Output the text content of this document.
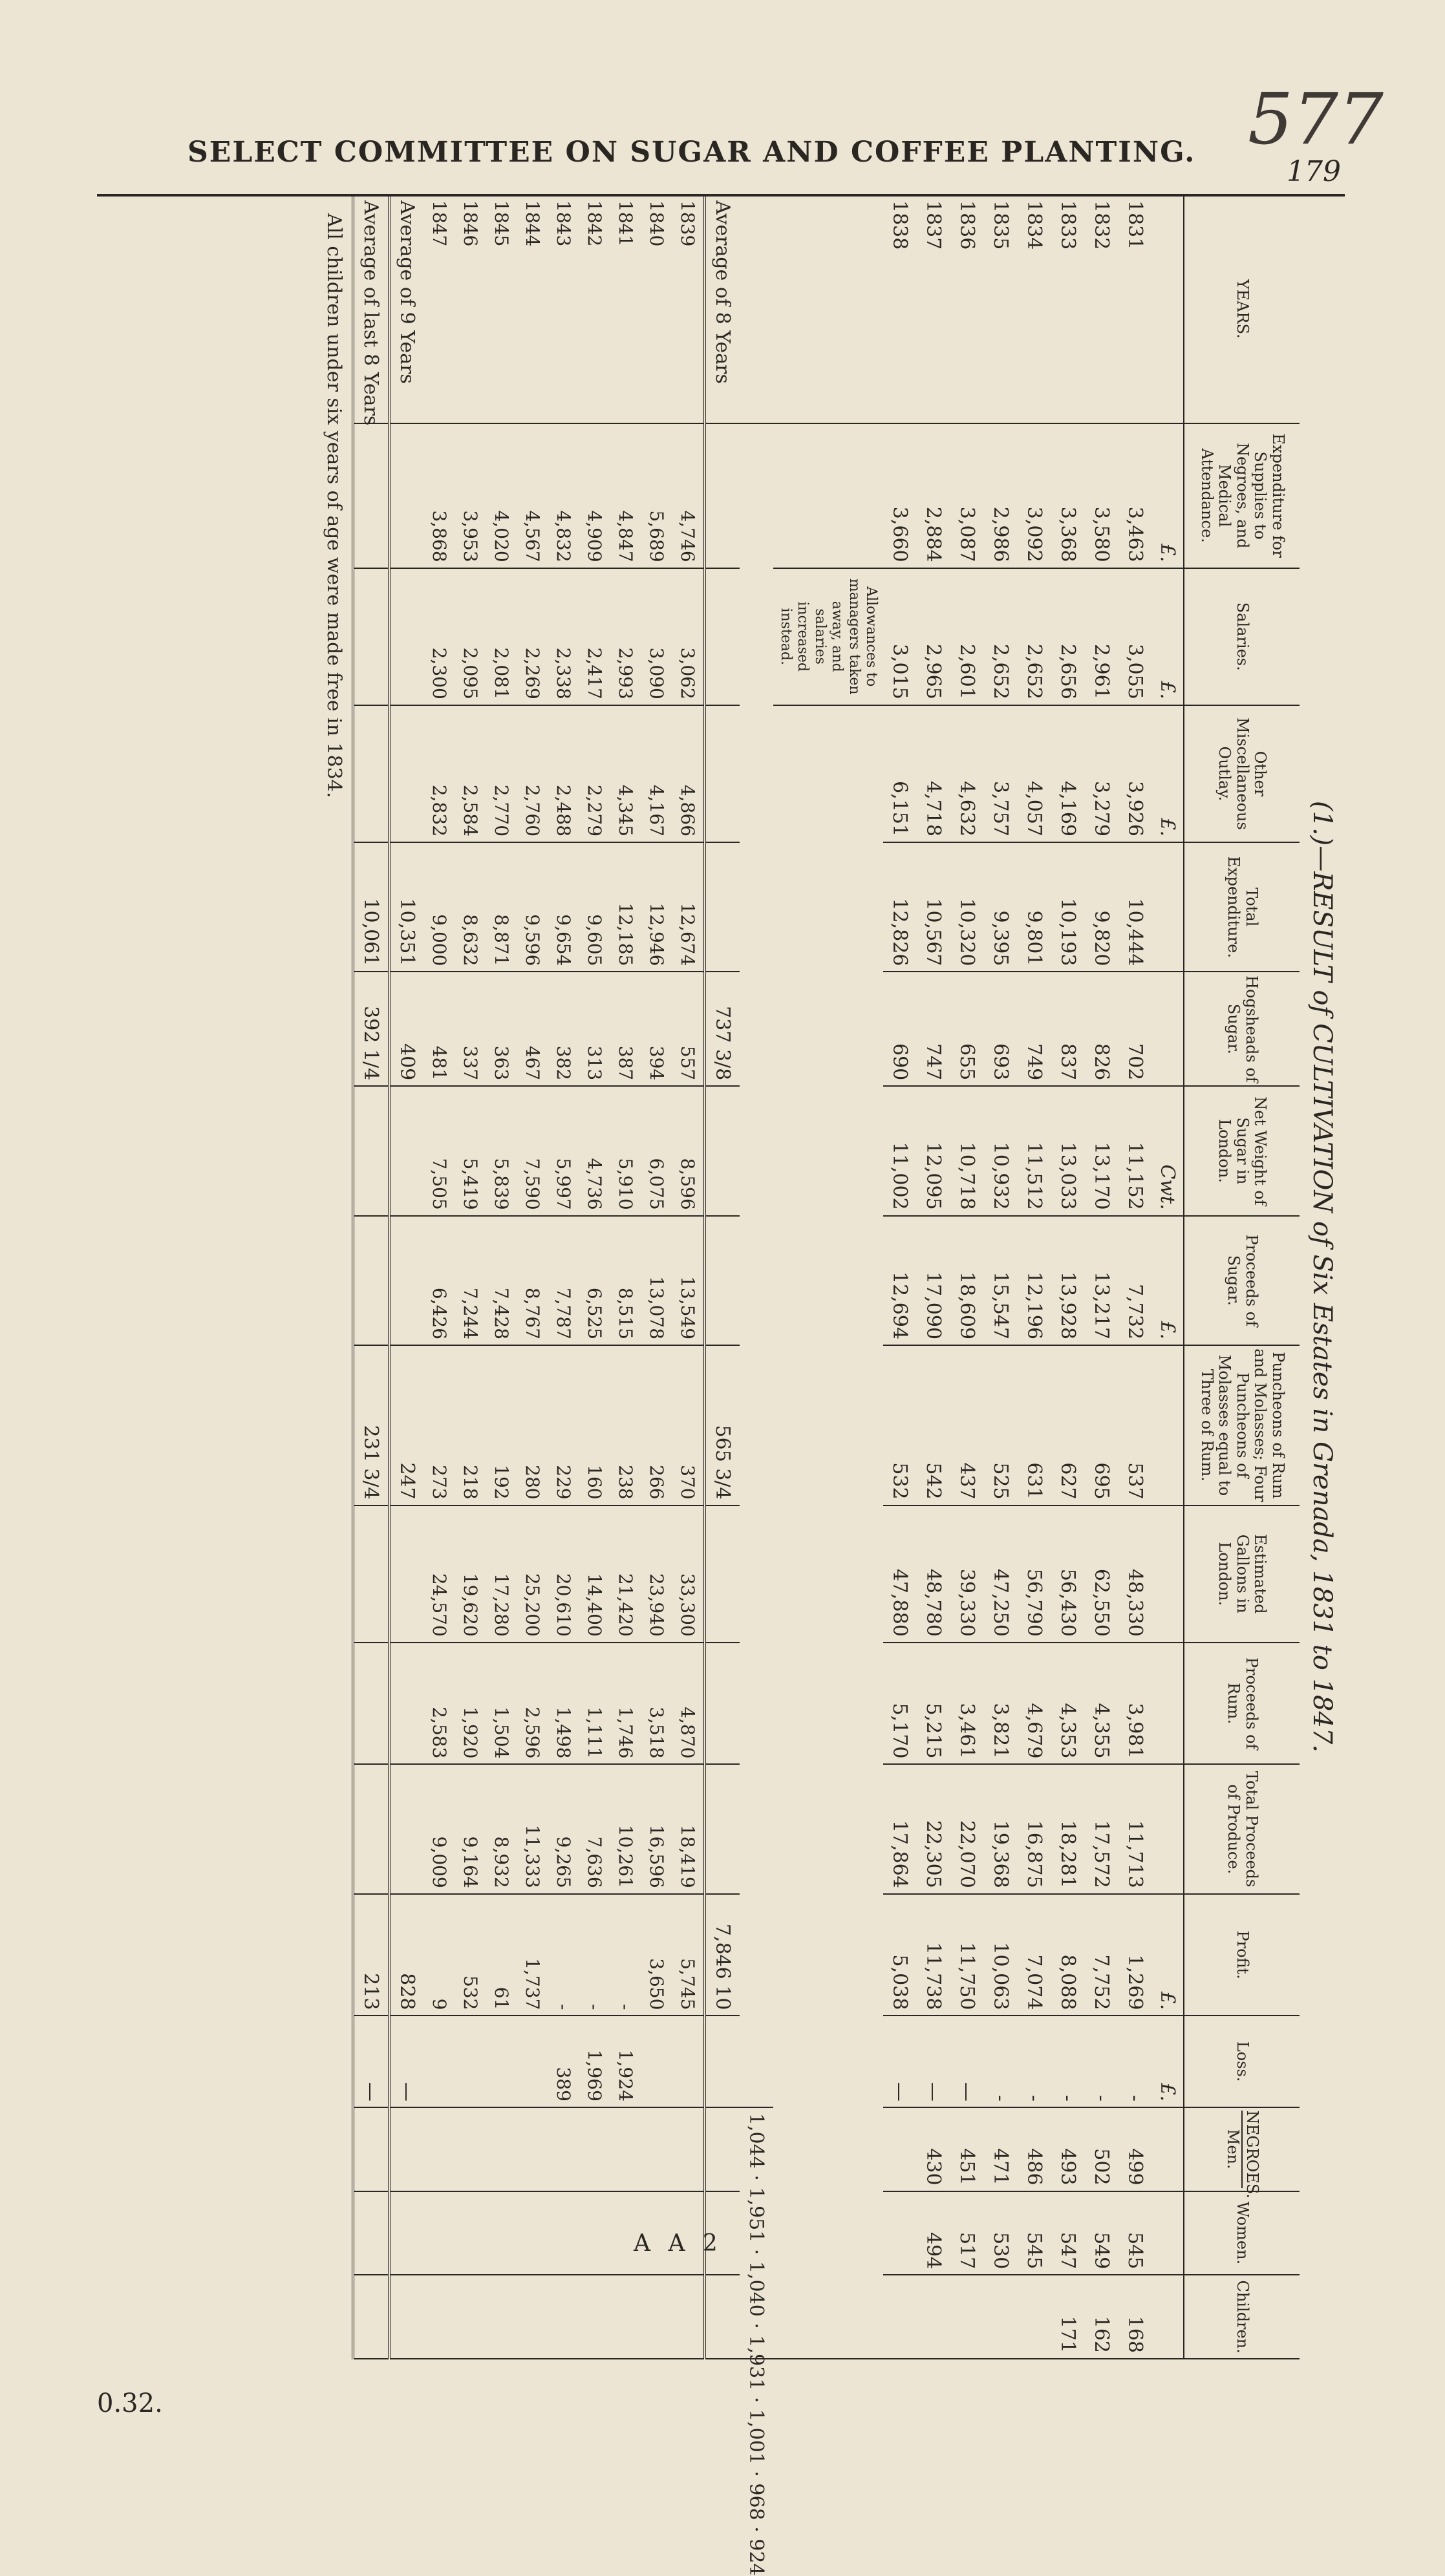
577
SELECT COMMITTEE ON SUGAR AND COFFEE PLANTING.
179
(1.)—RESULT of CULTIVATION of Six Estates in Grenada, 1831 to 1847.
YEARS.	Expenditure for Supplies to Negroes, and Medical Attendance.	Salaries.	Other Miscellaneous Outlay.	Total Expenditure.	Hogsheads of Sugar.	Net Weight of Sugar in London.	Proceeds of Sugar.	Puncheons of Rum and Molasses; Four Puncheons of Molasses equal to Three of Rum.	Estimated Gallons in London.	Proceeds of Rum.	Total Proceeds of Produce.	Profit.	Loss.	NEGROES.
Men.	Women.	Children.
	£.	£.	£.			Cwt.	£.					£.	£.			
1831	3,463	3,055	3,926	10,444	702	11,152	7,732	537	48,330	3,981	11,713	1,269	-	499	545	168
1832	3,580	2,961	3,279	9,820	826	13,170	13,217	695	62,550	4,355	17,572	7,752	-	502	549	162
1833	3,368	2,656	4,169	10,193	837	13,033	13,928	627	56,430	4,353	18,281	8,088	-	493	547	171
1834	3,092	2,652	4,057	9,801	749	11,512	12,196	631	56,790	4,679	16,875	7,074	-	486	545	
1835	2,986	2,652	3,757	9,395	693	10,932	15,547	525	47,250	3,821	19,368	10,063	-	471	530	
1836	3,087	2,601	4,632	10,320	655	10,718	18,609	437	39,330	3,461	22,070	11,750	—	451	517	
1837	2,884	2,965	4,718	10,567	747	12,095	17,090	542	48,780	5,215	22,305	11,738	—	430	494	
1838	3,660	3,015	6,151	12,826	690	11,002	12,694	532	47,880	5,170	17,864	5,038	—			
		Allowances to managers taken away, and salaries increased instead.														
														1,044 · 1,951 · 1,040 · 1,931 · 1,001 · 968 · 924		
Average of 8 Years					737 3/8			565 3/4				7,846 10				
1839	4,746	3,062	4,866	12,674	557	8,596	13,549	370	33,300	4,870	18,419	5,745				
1840	5,689	3,090	4,167	12,946	394	6,075	13,078	266	23,940	3,518	16,596	3,650				
1841	4,847	2,993	4,345	12,185	387	5,910	8,515	238	21,420	1,746	10,261	-	1,924			
1842	4,909	2,417	2,279	9,605	313	4,736	6,525	160	14,400	1,111	7,636	-	1,969			
1843	4,832	2,338	2,488	9,654	382	5,997	7,787	229	20,610	1,498	9,265	-	389			
1844	4,567	2,269	2,760	9,596	467	7,590	8,767	280	25,200	2,596	11,333	1,737				
1845	4,020	2,081	2,770	8,871	363	5,839	7,428	192	17,280	1,504	8,932	61				
1846	3,953	2,095	2,584	8,632	337	5,419	7,244	218	19,620	1,920	9,164	532				
1847	3,868	2,300	2,832	9,000	481	7,505	6,426	273	24,570	2,583	9,009	9				
Average of 9 Years				10,351	409			247				828	—			
Average of last 8 Years				10,061	392 1/4			231 3/4				213	—			
All children under six years of age were made free in 1834.
A A 2
0.32.
